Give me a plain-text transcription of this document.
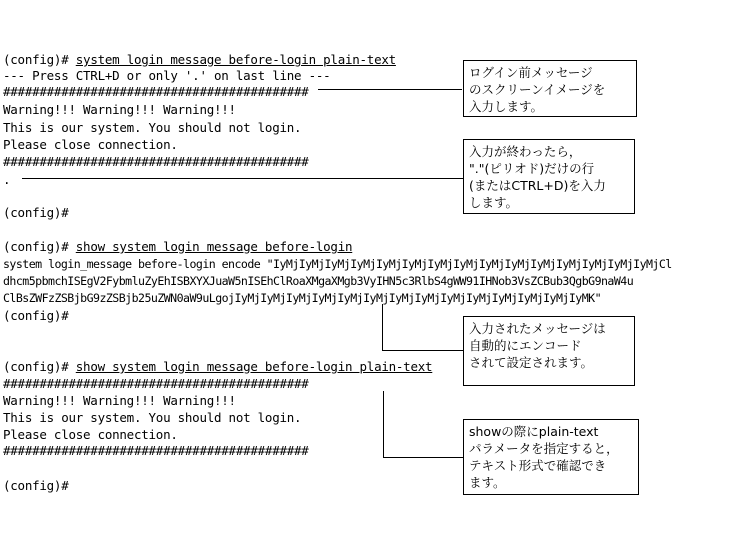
(config)# system login message before-login plain-text
--- Press CTRL+D or only '.' on last line ---
##########################################
Warning!!! Warning!!! Warning!!!
This is our system. You should not login.
Please close connection.
##########################################
.
(config)#
(config)# show system login message before-login
system login_message before-login encode "IyMjIyMjIyMjIyMjIyMjIyMjIyMjIyMjIyMjIyMjIyMjIyMjIyMjIyMjIyMjCl
dhcm5pbmchISEgV2FybmluZyEhISBXYXJuaW5nISEhClRoaXMgaXMgb3VyIHN5c3RlbS4gWW91IHNob3VsZCBub3QgbG9naW4u
ClBsZWFzZSBjbG9zZSBjb25uZWN0aW9uLgojIyMjIyMjIyMjIyMjIyMjIyMjIyMjIyMjIyMjIyMjIyMjIyMjIyMjIyMK"
(config)#
(config)# show system login message before-login plain-text
##########################################
Warning!!! Warning!!! Warning!!!
This is our system. You should not login.
Please close connection.
##########################################
(config)#
ログイン前メッセージ
のスクリーンイメージを
入力します。
入力が終わったら，
"."(ピリオド)だけの行
(またはCTRL+D)を入力
します。
入力されたメッセージは
自動的にエンコード
されて設定されます。
showの際にplain-text
パラメータを指定すると，
テキスト形式で確認でき
ます。
